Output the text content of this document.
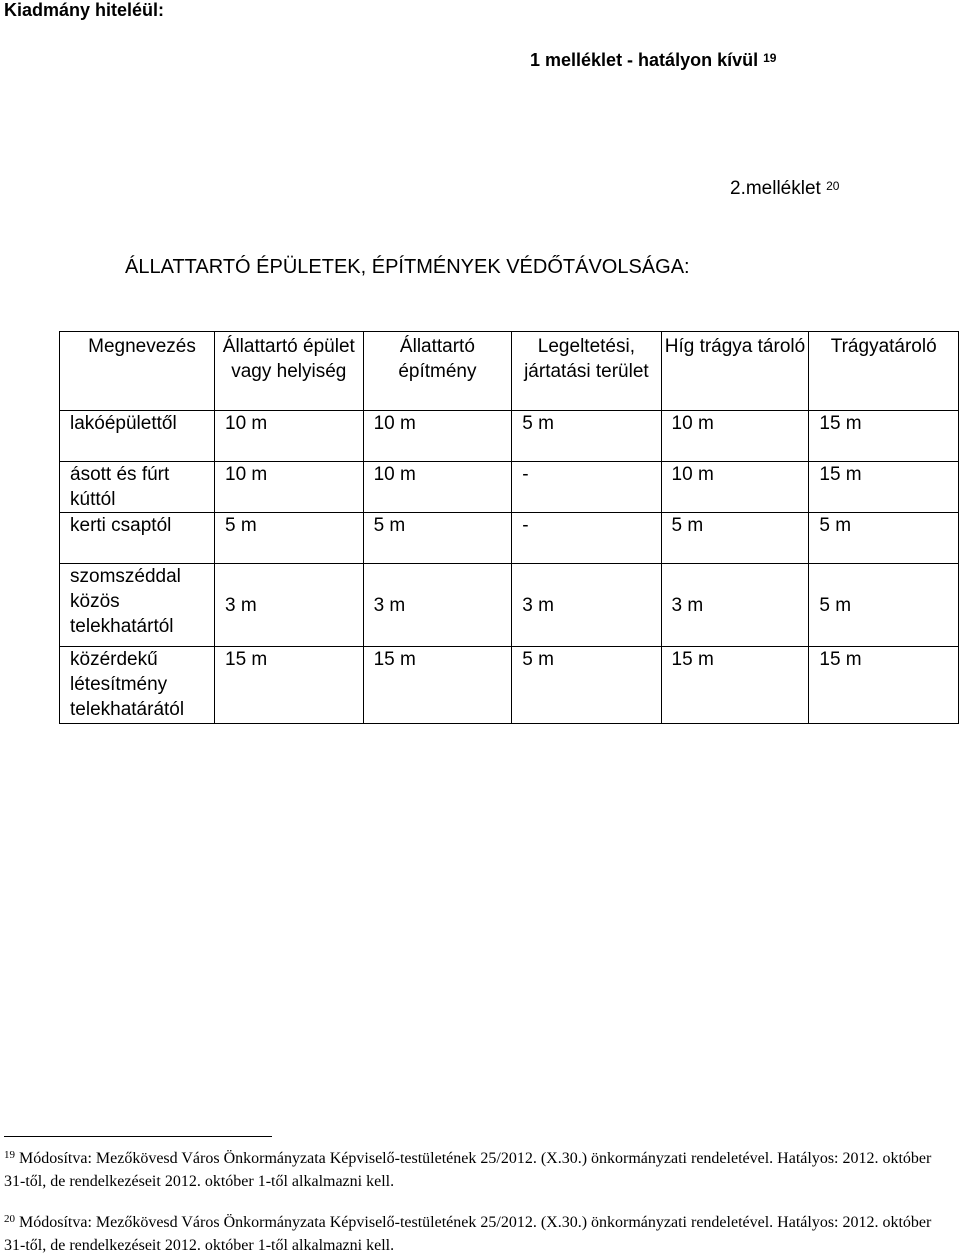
Kiadmány hiteléül:
1 melléklet - hatályon kívül $^{19}$
2.melléklet $^{20}$
ÁLLATTARTÓ ÉPÜLETEK, ÉPÍTMÉNYEK VÉDŐTÁVOLSÁGA:
Megnevezés	Állattartó épület vagy helyiség	Állattartó építmény	Legeltetési, jártatási terület	Híg trágya tároló	Trágyatároló
lakóépülettől	10 m	10 m	5 m	10 m	15 m
ásott és fúrt kúttól	10 m	10 m	-	10 m	15 m
kerti csaptól	5 m	5 m	-	5 m	5 m
szomszéddal közös telekhatártól	3 m	3 m	3 m	3 m	5 m
közérdekű létesítmény telekhatárától	15 m	15 m	5 m	15 m	15 m
$^{19}$ Módosítva: Mezőkövesd Város Önkormányzata Képviselő-testületének 25/2012. (X.30.) önkormányzati rendeletével. Hatályos: 2012. október 31-től, de rendelkezéseit 2012. október 1-től alkalmazni kell.
$^{20}$ Módosítva: Mezőkövesd Város Önkormányzata Képviselő-testületének 25/2012. (X.30.) önkormányzati rendeletével. Hatályos: 2012. október 31-től, de rendelkezéseit 2012. október 1-től alkalmazni kell.
